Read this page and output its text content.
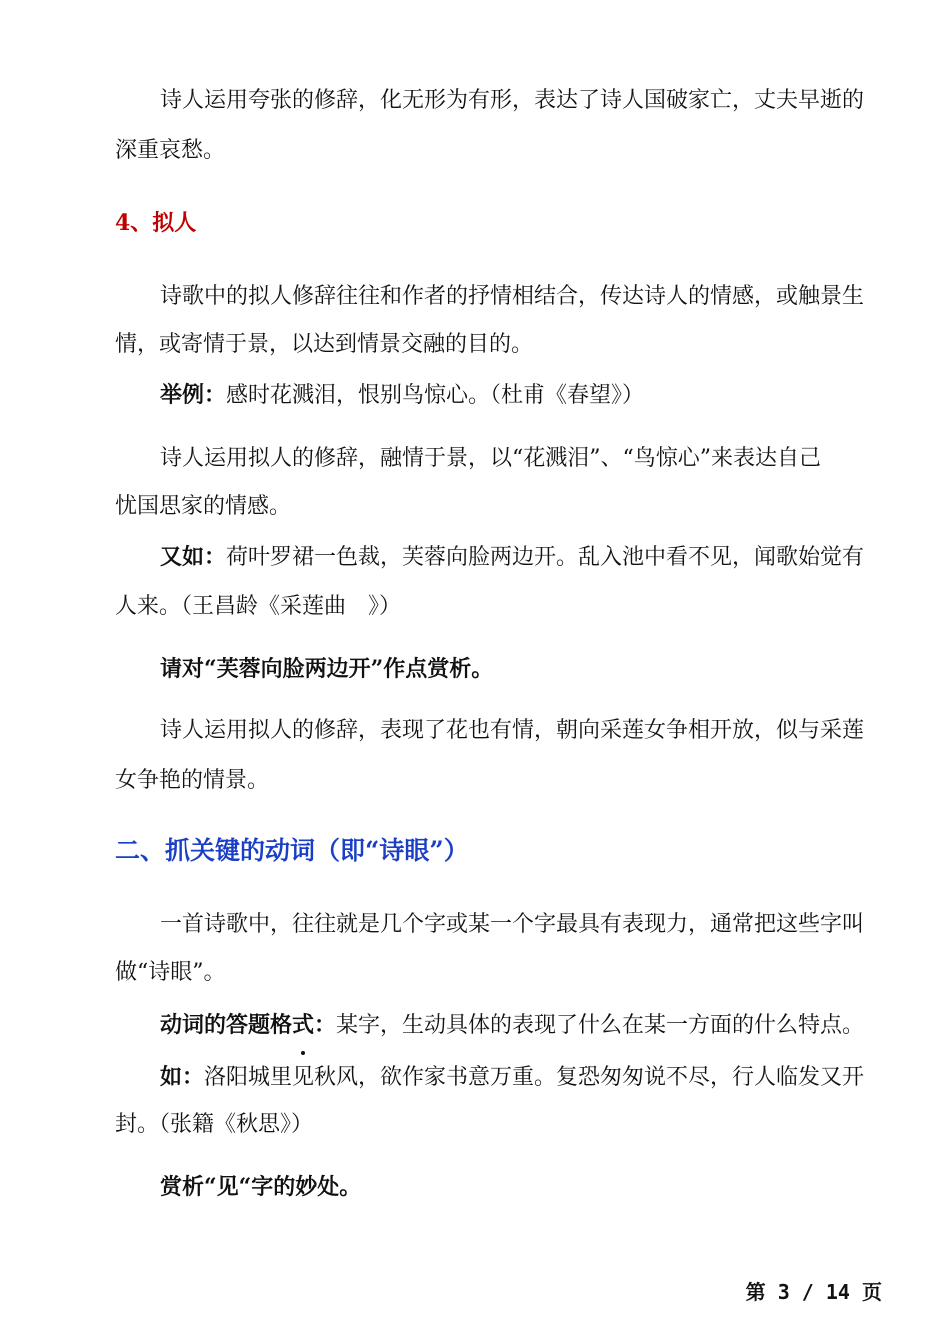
诗人运用夸张的修辞，化无形为有形，表达了诗人国破家亡，丈夫早逝的
深重哀愁。
4、拟人
诗歌中的拟人修辞往往和作者的抒情相结合，传达诗人的情感，或触景生
情，或寄情于景，以达到情景交融的目的。
举例：感时花溅泪，恨别鸟惊心。（杜甫《春望》）
诗人运用拟人的修辞，融情于景，以“花溅泪”、“鸟惊心”来表达自己
忧国思家的情感。
又如：荷叶罗裙一色裁，芙蓉向脸两边开。乱入池中看不见，闻歌始觉有
人来。（王昌龄《采莲曲　》）
请对“芙蓉向脸两边开”作点赏析。
诗人运用拟人的修辞，表现了花也有情，朝向采莲女争相开放，似与采莲
女争艳的情景。
二、抓关键的动词（即“诗眼”）
一首诗歌中，往往就是几个字或某一个字最具有表现力，通常把这些字叫
做“诗眼”。
动词的答题格式：某字，生动具体的表现了什么在某一方面的什么特点。
如：洛阳城里
见秋风，欲作家书意万重。复恐匆匆说不尽，行人临发又开
封。（张籍《秋思》）
赏析“见“字的妙处。
第 3 / 14 页
